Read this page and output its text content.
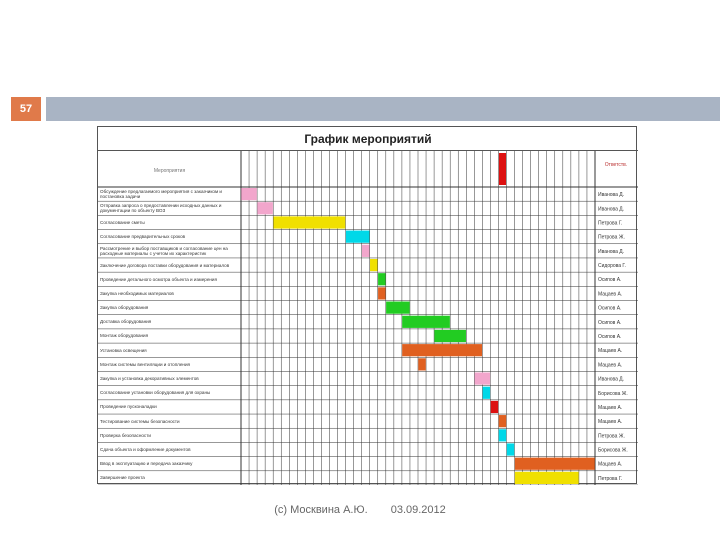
57
График мероприятий
Мероприятия
Ответств.
Обсуждение предлагаемого мероприятия с заказчиком и постановка задачи	Иванова Д.
Отправка запроса о предоставлении исходных данных и документации по объекту ВОЗ	Иванова Д.
Согласование сметы	Петрова Г.
Согласование предварительных сроков	Петрова Ж.
Рассмотрение и выбор поставщиков и согласование цен на расходные материалы с учетом их характеристик	Иванова Д.
Заключение договора поставки оборудования и материалов	Сидорова Г.
Проведение детального осмотра объекта и измерения	Осипов А.
Закупка необходимых материалов	Мацаев А.
Закупка оборудования	Осипов А.
Доставка оборудования	Осипов А.
Монтаж оборудования	Осипов А.
Установка освещения	Мацаев А.
Монтаж системы вентиляции и отопления	Мацаев А.
Закупка и установка декоративных элементов	Иванова Д.
Согласование установки оборудования для охраны	Борисова Ж.
Проведение пусконаладки	Мацаев А.
Тестирование системы безопасности	Мацаев А.
Проверка безопасности	Петрова Ж.
Сдача объекта и оформление документов	Борисова Ж.
Ввод в эксплуатацию и передача заказчику	Мацаев А.
Завершение проекта	Петрова Г.
(c) Москвина А.Ю. 03.09.2012
